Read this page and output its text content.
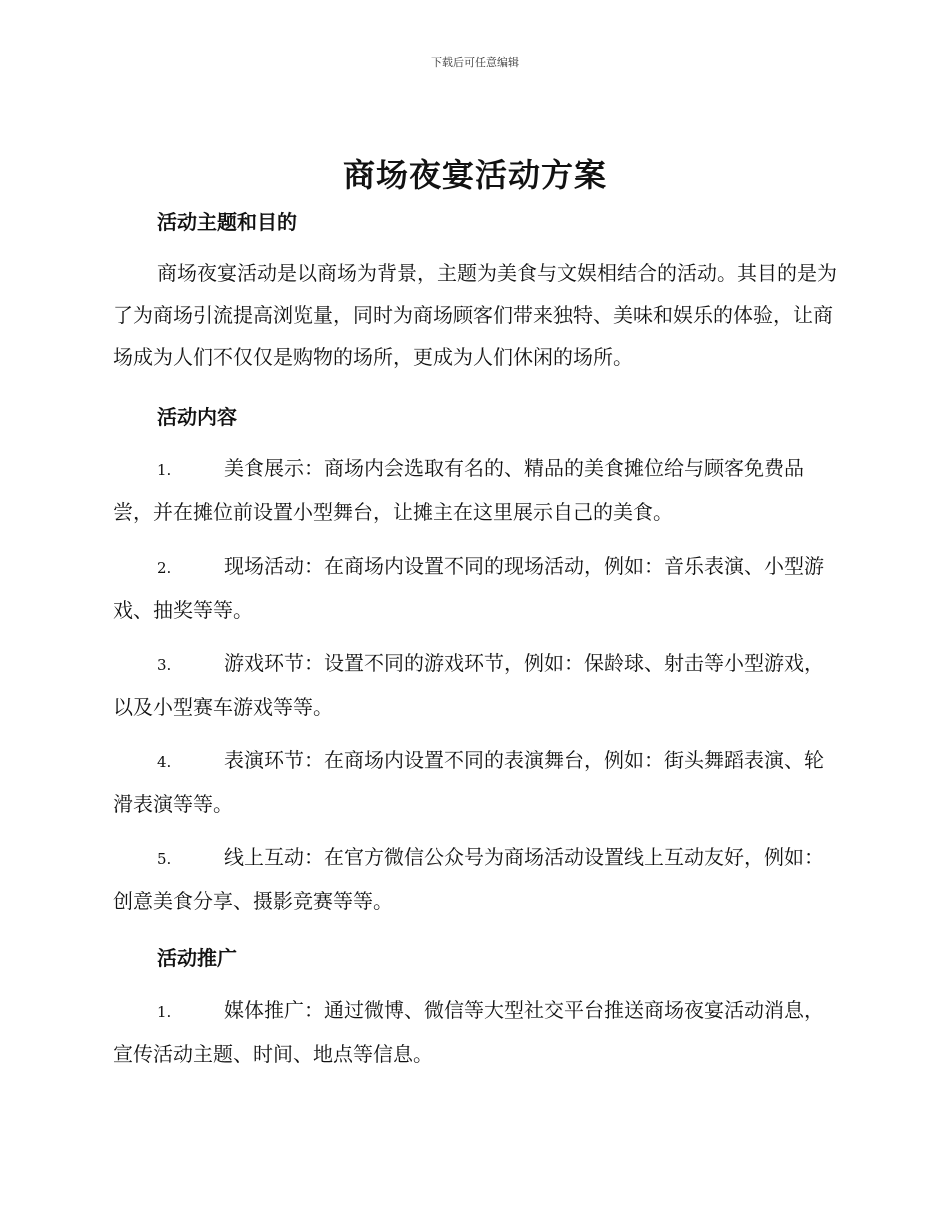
下载后可任意编辑
商场夜宴活动方案
活动主题和目的

商场夜宴活动是以商场为背景，主题为美食与文娱相结合的活动。其目的是为了为商场引流提高浏览量，同时为商场顾客们带来独特、美味和娱乐的体验，让商场成为人们不仅仅是购物的场所，更成为人们休闲的场所。

活动内容

1.	美食展示：商场内会选取有名的、精品的美食摊位给与顾客免费品尝，并在摊位前设置小型舞台，让摊主在这里展示自己的美食。

2.	现场活动：在商场内设置不同的现场活动，例如：音乐表演、小型游戏、抽奖等等。

3.	游戏环节：设置不同的游戏环节，例如：保龄球、射击等小型游戏，以及小型赛车游戏等等。

4.	表演环节：在商场内设置不同的表演舞台，例如：街头舞蹈表演、轮滑表演等等。

5.	线上互动：在官方微信公众号为商场活动设置线上互动友好，例如：创意美食分享、摄影竞赛等等。

活动推广

1.	媒体推广：通过微博、微信等大型社交平台推送商场夜宴活动消息，宣传活动主题、时间、地点等信息。
